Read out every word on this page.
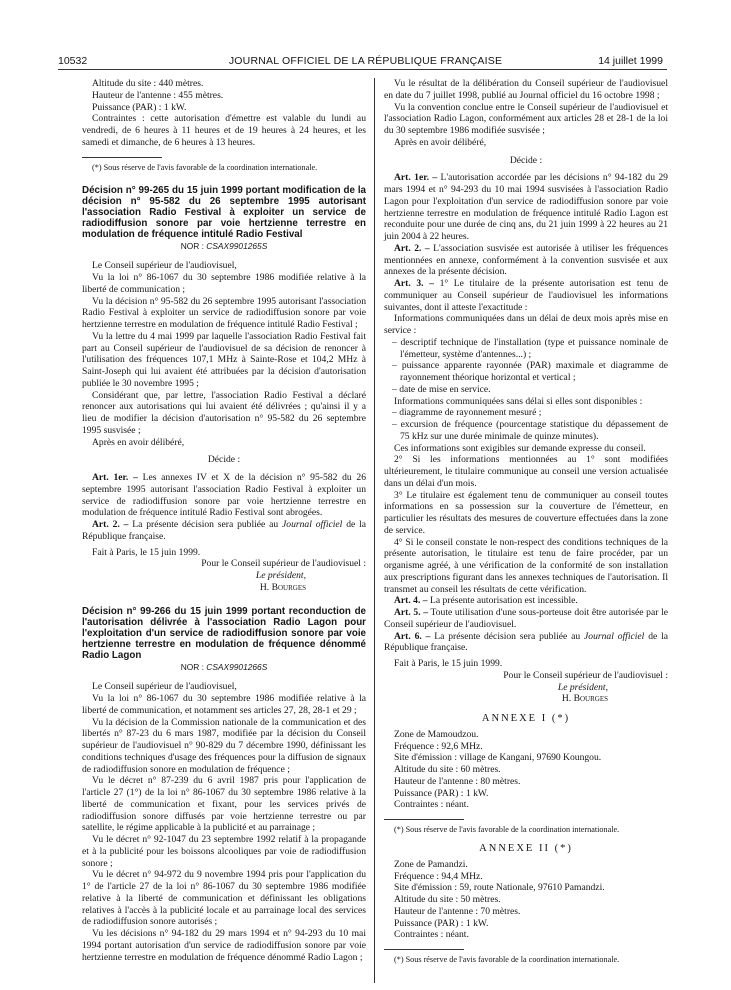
10532	JOURNAL OFFICIEL DE LA RÉPUBLIQUE FRANÇAISE	14 juillet 1999

Altitude du site : 440 mètres.

Hauteur de l'antenne : 455 mètres.

Puissance (PAR) : 1 kW.

Contraintes : cette autorisation d'émettre est valable du lundi au vendredi, de 6 heures à 11 heures et de 19 heures à 24 heures, et les samedi et dimanche, de 6 heures à 13 heures.

(*) Sous réserve de l'avis favorable de la coordination internationale.

Décision n° 99-265 du 15 juin 1999 portant modification de la décision n° 95-582 du 26 septembre 1995 autorisant l'association Radio Festival à exploiter un service de radiodiffusion sonore par voie hertzienne terrestre en modulation de fréquence intitulé Radio Festival

NOR : CSAX9901265S

Le Conseil supérieur de l'audiovisuel,

Vu la loi n° 86-1067 du 30 septembre 1986 modifiée relative à la liberté de communication ;

Vu la décision n° 95-582 du 26 septembre 1995 autorisant l'association Radio Festival à exploiter un service de radiodiffusion sonore par voie hertzienne terrestre en modulation de fréquence intitulé Radio Festival ;

Vu la lettre du 4 mai 1999 par laquelle l'association Radio Festival fait part au Conseil supérieur de l'audiovisuel de sa décision de renoncer à l'utilisation des fréquences 107,1 MHz à Sainte-Rose et 104,2 MHz à Saint-Joseph qui lui avaient été attribuées par la décision d'autorisation publiée le 30 novembre 1995 ;

Considérant que, par lettre, l'association Radio Festival a déclaré renoncer aux autorisations qui lui avaient été délivrées ; qu'ainsi il y a lieu de modifier la décision d'autorisation n° 95-582 du 26 septembre 1995 susvisée ;

Après en avoir délibéré,

Décide :

Art. 1er. – Les annexes IV et X de la décision n° 95-582 du 26 septembre 1995 autorisant l'association Radio Festival à exploiter un service de radiodiffusion sonore par voie hertzienne terrestre en modulation de fréquence intitulé Radio Festival sont abrogées.

Art. 2. – La présente décision sera publiée au Journal officiel de la République française.

Fait à Paris, le 15 juin 1999.

Pour le Conseil supérieur de l'audiovisuel :

Le président,

H. Bourges

Décision n° 99-266 du 15 juin 1999 portant reconduction de l'autorisation délivrée à l'association Radio Lagon pour l'exploitation d'un service de radiodiffusion sonore par voie hertzienne terrestre en modulation de fréquence dénommé Radio Lagon

NOR : CSAX9901266S

Le Conseil supérieur de l'audiovisuel,

Vu la loi n° 86-1067 du 30 septembre 1986 modifiée relative à la liberté de communication, et notamment ses articles 27, 28, 28-1 et 29 ;

Vu la décision de la Commission nationale de la communication et des libertés n° 87-23 du 6 mars 1987, modifiée par la décision du Conseil supérieur de l'audiovisuel n° 90-829 du 7 décembre 1990, définissant les conditions techniques d'usage des fréquences pour la diffusion de signaux de radiodiffusion sonore en modulation de fréquence ;

Vu le décret n° 87-239 du 6 avril 1987 pris pour l'application de l'article 27 (1°) de la loi n° 86-1067 du 30 septembre 1986 relative à la liberté de communication et fixant, pour les services privés de radiodiffusion sonore diffusés par voie hertzienne terrestre ou par satellite, le régime applicable à la publicité et au parrainage ;

Vu le décret n° 92-1047 du 23 septembre 1992 relatif à la propagande et à la publicité pour les boissons alcooliques par voie de radiodiffusion sonore ;

Vu le décret n° 94-972 du 9 novembre 1994 pris pour l'application du 1° de l'article 27 de la loi n° 86-1067 du 30 septembre 1986 modifiée relative à la liberté de communication et définissant les obligations relatives à l'accès à la publicité locale et au parrainage local des services de radiodiffusion sonore autorisés ;

Vu les décisions n° 94-182 du 29 mars 1994 et n° 94-293 du 10 mai 1994 portant autorisation d'un service de radiodiffusion sonore par voie hertzienne terrestre en modulation de fréquence dénommé Radio Lagon ;

Vu le résultat de la délibération du Conseil supérieur de l'audiovisuel en date du 7 juillet 1998, publié au Journal officiel du 16 octobre 1998 ;

Vu la convention conclue entre le Conseil supérieur de l'audiovisuel et l'association Radio Lagon, conformément aux articles 28 et 28-1 de la loi du 30 septembre 1986 modifiée susvisée ;

Après en avoir délibéré,

Décide :

Art. 1er. – L'autorisation accordée par les décisions n° 94-182 du 29 mars 1994 et n° 94-293 du 10 mai 1994 susvisées à l'association Radio Lagon pour l'exploitation d'un service de radiodiffusion sonore par voie hertzienne terrestre en modulation de fréquence intitulé Radio Lagon est reconduite pour une durée de cinq ans, du 21 juin 1999 à 22 heures au 21 juin 2004 à 22 heures.

Art. 2. – L'association susvisée est autorisée à utiliser les fréquences mentionnées en annexe, conformément à la convention susvisée et aux annexes de la présente décision.

Art. 3. – 1° Le titulaire de la présente autorisation est tenu de communiquer au Conseil supérieur de l'audiovisuel les informations suivantes, dont il atteste l'exactitude :

Informations communiquées dans un délai de deux mois après mise en service :

– descriptif technique de l'installation (type et puissance nominale de l'émetteur, système d'antennes...) ;

– puissance apparente rayonnée (PAR) maximale et diagramme de rayonnement théorique horizontal et vertical ;

– date de mise en service.

Informations communiquées sans délai si elles sont disponibles :

– diagramme de rayonnement mesuré ;

– excursion de fréquence (pourcentage statistique du dépassement de 75 kHz sur une durée minimale de quinze minutes).

Ces informations sont exigibles sur demande expresse du conseil.

2° Si les informations mentionnées au 1° sont modifiées ultérieurement, le titulaire communique au conseil une version actualisée dans un délai d'un mois.

3° Le titulaire est également tenu de communiquer au conseil toutes informations en sa possession sur la couverture de l'émetteur, en particulier les résultats des mesures de couverture effectuées dans la zone de service.

4° Si le conseil constate le non-respect des conditions techniques de la présente autorisation, le titulaire est tenu de faire procéder, par un organisme agréé, à une vérification de la conformité de son installation aux prescriptions figurant dans les annexes techniques de l'autorisation. Il transmet au conseil les résultats de cette vérification.

Art. 4. – La présente autorisation est incessible.

Art. 5. – Toute utilisation d'une sous-porteuse doit être autorisée par le Conseil supérieur de l'audiovisuel.

Art. 6. – La présente décision sera publiée au Journal officiel de la République française.

Fait à Paris, le 15 juin 1999.

Pour le Conseil supérieur de l'audiovisuel :

Le président,

H. Bourges

ANNEXE I (*)

Zone de Mamoudzou.

Fréquence : 92,6 MHz.

Site d'émission : village de Kangani, 97690 Koungou.

Altitude du site : 60 mètres.

Hauteur de l'antenne : 80 mètres.

Puissance (PAR) : 1 kW.

Contraintes : néant.

(*) Sous réserve de l'avis favorable de la coordination internationale.

ANNEXE II (*)

Zone de Pamandzi.

Fréquence : 94,4 MHz.

Site d'émission : 59, route Nationale, 97610 Pamandzi.

Altitude du site : 50 mètres.

Hauteur de l'antenne : 70 mètres.

Puissance (PAR) : 1 kW.

Contraintes : néant.

(*) Sous réserve de l'avis favorable de la coordination internationale.
